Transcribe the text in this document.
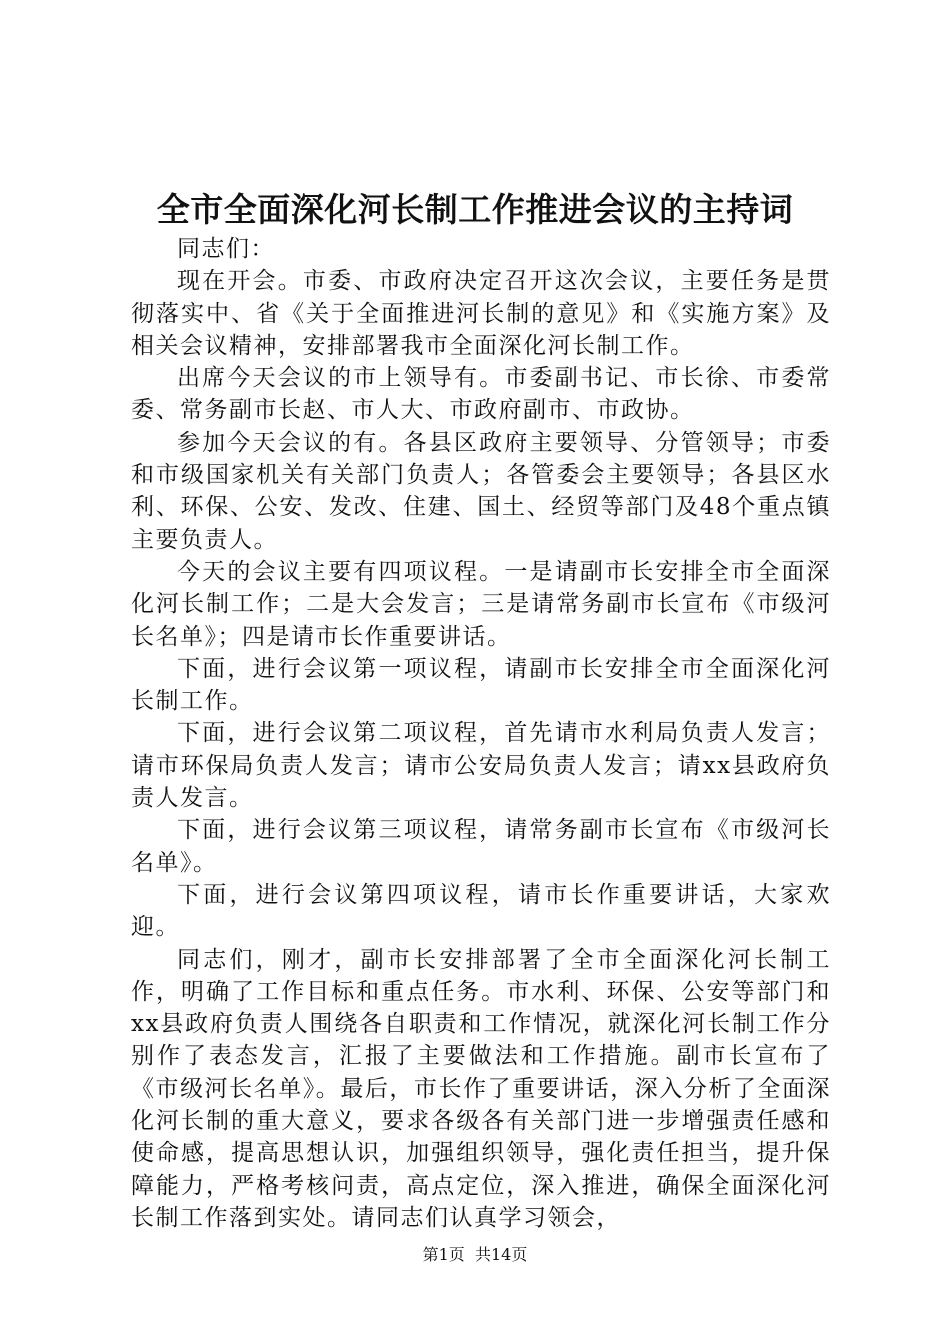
全市全面深化河长制工作推进会议的主持词

同志们：

现在开会。市委、市政府决定召开这次会议，主要任务是贯彻落实中、省《关于全面推进河长制的意见》和《实施方案》及相关会议精神，安排部署我市全面深化河长制工作。

出席今天会议的市上领导有。市委副书记、市长徐、市委常委、常务副市长赵、市人大、市政府副市、市政协。

参加今天会议的有。各县区政府主要领导、分管领导；市委和市级国家机关有关部门负责人；各管委会主要领导；各县区水利、环保、公安、发改、住建、国土、经贸等部门及48个重点镇主要负责人。

今天的会议主要有四项议程。一是请副市长安排全市全面深化河长制工作；二是大会发言；三是请常务副市长宣布《市级河长名单》；四是请市长作重要讲话。

下面，进行会议第一项议程，请副市长安排全市全面深化河长制工作。

下面，进行会议第二项议程，首先请市水利局负责人发言；请市环保局负责人发言；请市公安局负责人发言；请xx县政府负责人发言。

下面，进行会议第三项议程，请常务副市长宣布《市级河长名单》。

下面，进行会议第四项议程，请市长作重要讲话，大家欢迎。

同志们，刚才，副市长安排部署了全市全面深化河长制工作，明确了工作目标和重点任务。市水利、环保、公安等部门和xx县政府负责人围绕各自职责和工作情况，就深化河长制工作分别作了表态发言，汇报了主要做法和工作措施。副市长宣布了《市级河长名单》。最后，市长作了重要讲话，深入分析了全面深化河长制的重大意义，要求各级各有关部门进一步增强责任感和使命感，提高思想认识，加强组织领导，强化责任担当，提升保障能力，严格考核问责，高点定位，深入推进，确保全面深化河长制工作落到实处。请同志们认真学习领会，

第1页 共14页
